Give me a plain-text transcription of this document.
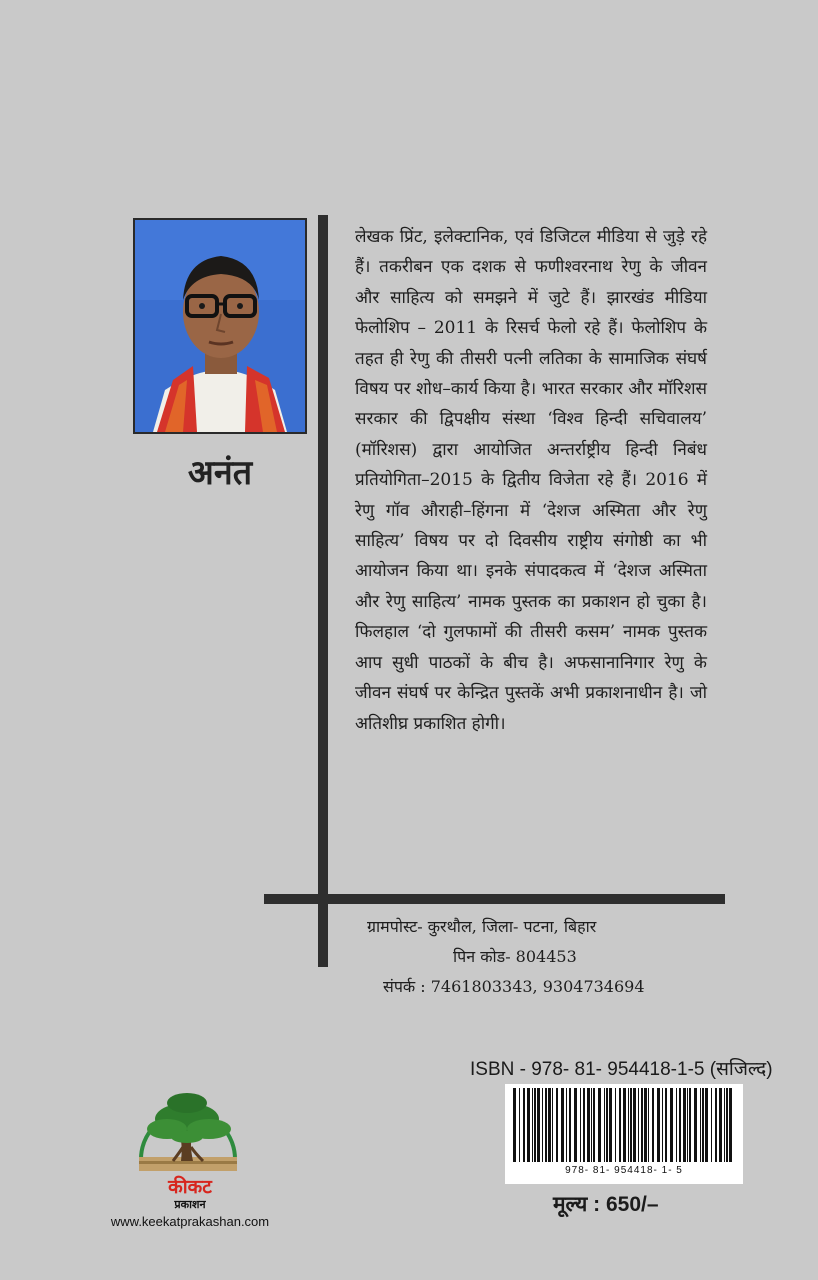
अनंत
लेखक प्रिंट, इलेक्टानिक, एवं डिजिटल मीडिया से जुड़े रहे हैं। तकरीबन एक दशक से फणीश्वरनाथ रेणु के जीवन और साहित्य को समझने में जुटे हैं। झारखंड मीडिया फेलोशिप – 2011 के रिसर्च फेलो रहे हैं। फेलोशिप के तहत ही रेणु की तीसरी पत्नी लतिका के सामाजिक संघर्ष विषय पर शोध–कार्य किया है। भारत सरकार और मॉरिशस सरकार की द्विपक्षीय संस्था ‘विश्व हिन्दी सचिवालय’ (मॉरिशस) द्वारा आयोजित अन्तर्राष्ट्रीय हिन्दी निबंध प्रतियोगिता–2015 के द्वितीय विजेता रहे हैं। 2016 में रेणु गॉव औराही–हिंगना में ‘देशज अस्मिता और रेणु साहित्य’ विषय पर दो दिवसीय राष्ट्रीय संगोष्ठी का भी आयोजन किया था। इनके संपादकत्व में ‘देशज अस्मिता और रेणु साहित्य’ नामक पुस्तक का प्रकाशन हो चुका है। फिलहाल ‘दो गुलफामों की तीसरी कसम’ नामक पुस्तक आप सुधी पाठकों के बीच है। अफसानानिगार रेणु के जीवन संघर्ष पर केन्द्रित पुस्तकें अभी प्रकाशनाधीन है। जो अतिशीघ्र प्रकाशित होगी।
ग्रामपोस्ट- कुरथौल, जिला- पटना, बिहार
पिन कोड- 804453
संपर्क : 7461803343, 9304734694
ISBN - 978- 81- 954418-1-5 (सजिल्द)
978- 81- 954418- 1- 5
मूल्य : 650/–
कीकट
प्रकाशन
www.keekatprakashan.com
